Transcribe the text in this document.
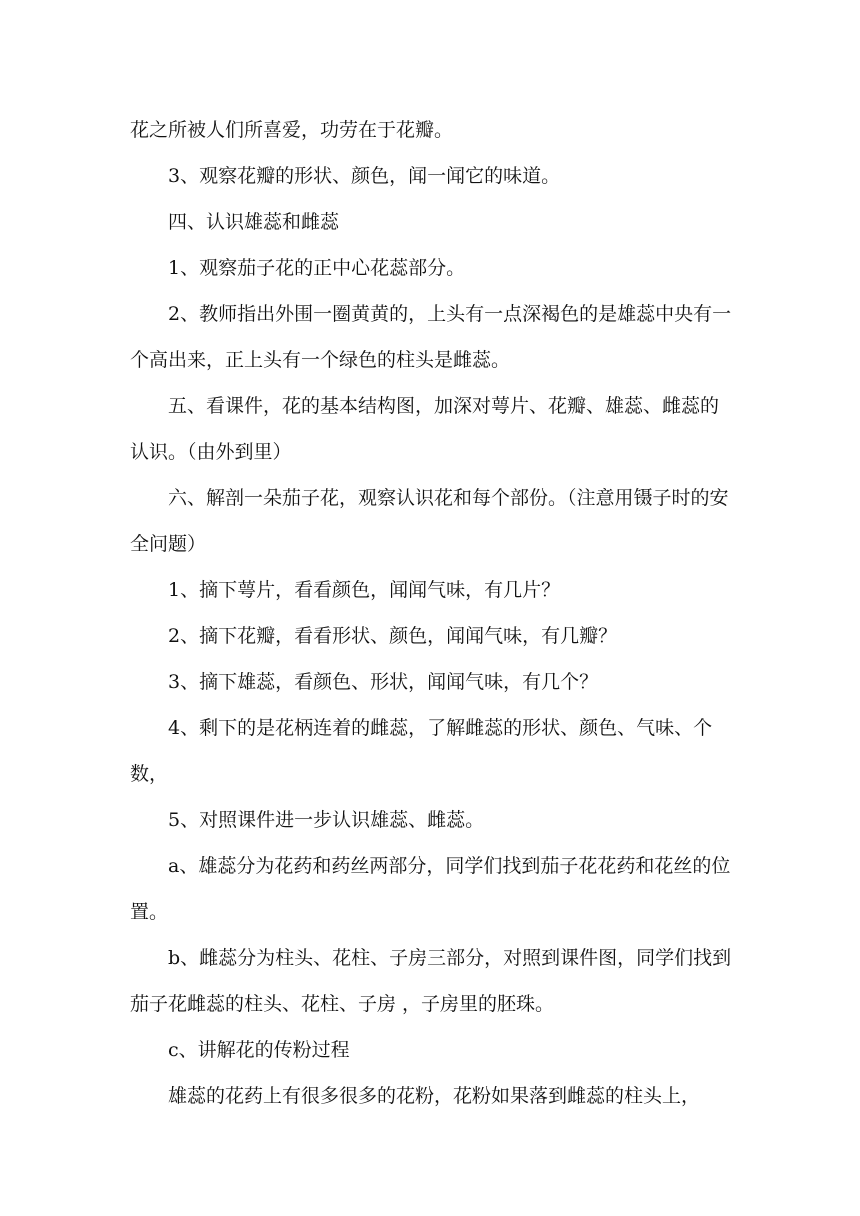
花之所被人们所喜爱，功劳在于花瓣。

3、观察花瓣的形状、颜色，闻一闻它的味道。

四、认识雄蕊和雌蕊

1、观察茄子花的正中心花蕊部分。

2、教师指出外围一圈黄黄的，上头有一点深褐色的是雄蕊中央有一个高出来，正上头有一个绿色的柱头是雌蕊。

五、看课件，花的基本结构图，加深对萼片、花瓣、雄蕊、雌蕊的认识。（由外到里）

六、解剖一朵茄子花，观察认识花和每个部份。（注意用镊子时的安全问题）

1、摘下萼片，看看颜色，闻闻气味，有几片？

2、摘下花瓣，看看形状、颜色，闻闻气味，有几瓣？

3、摘下雄蕊，看颜色、形状，闻闻气味，有几个？

4、剩下的是花柄连着的雌蕊，了解雌蕊的形状、颜色、气味、个数，

5、对照课件进一步认识雄蕊、雌蕊。

a、雄蕊分为花药和药丝两部分，同学们找到茄子花花药和花丝的位置。

b、雌蕊分为柱头、花柱、子房三部分，对照到课件图，同学们找到茄子花雌蕊的柱头、花柱、子房 ，子房里的胚珠。

c、讲解花的传粉过程

雄蕊的花药上有很多很多的花粉，花粉如果落到雌蕊的柱头上，
